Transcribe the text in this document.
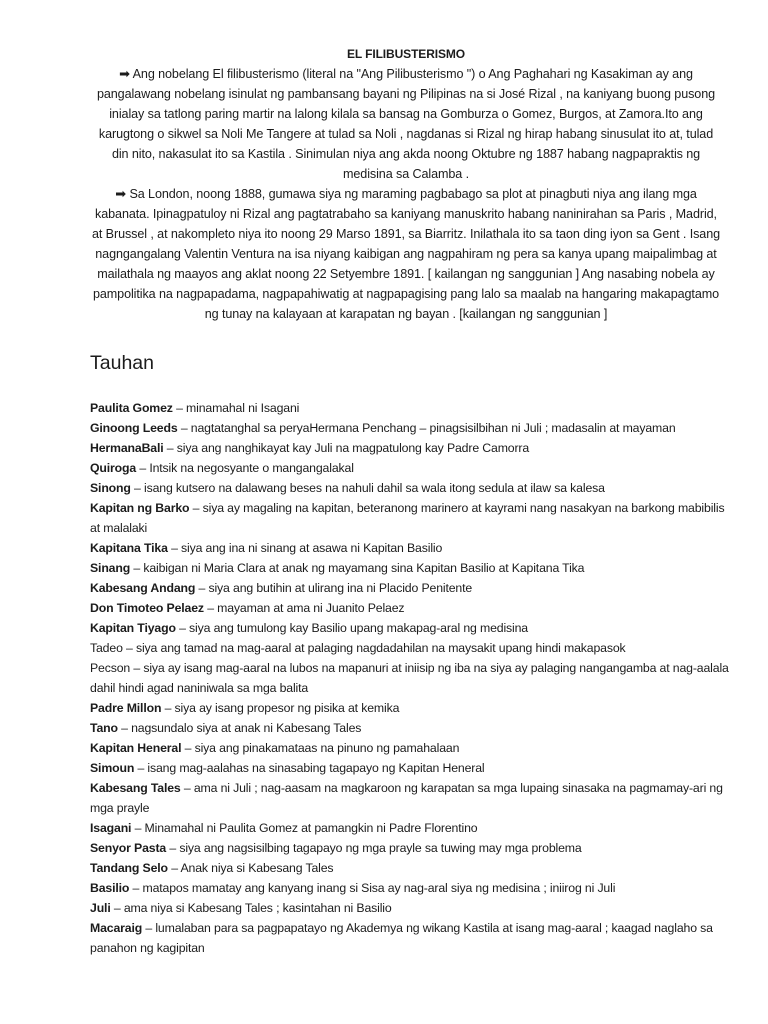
EL FILIBUSTERISMO

➡ Ang nobelang El filibusterismo (literal na "Ang Pilibusterismo ") o Ang Paghahari ng Kasakiman ay ang pangalawang nobelang isinulat ng pambansang bayani ng Pilipinas na si José Rizal , na kaniyang buong pusong inialay sa tatlong paring martir na lalong kilala sa bansag na Gomburza o Gomez, Burgos, at Zamora.Ito ang karugtong o sikwel sa Noli Me Tangere at tulad sa Noli , nagdanas si Rizal ng hirap habang sinusulat ito at, tulad din nito, nakasulat ito sa Kastila . Sinimulan niya ang akda noong Oktubre ng 1887 habang nagpapraktis ng medisina sa Calamba .

➡ Sa London, noong 1888, gumawa siya ng maraming pagbabago sa plot at pinagbuti niya ang ilang mga kabanata. Ipinagpatuloy ni Rizal ang pagtatrabaho sa kaniyang manuskrito habang naninirahan sa Paris , Madrid, at Brussel , at nakompleto niya ito noong 29 Marso 1891, sa Biarritz. Inilathala ito sa taon ding iyon sa Gent . Isang nagngangalang Valentin Ventura na isa niyang kaibigan ang nagpahiram ng pera sa kanya upang maipalimbag at mailathala ng maayos ang aklat noong 22 Setyembre 1891. [ kailangan ng sanggunian ] Ang nasabing nobela ay pampolitika na nagpapadama, nagpapahiwatig at nagpapagising pang lalo sa maalab na hangaring makapagtamo ng tunay na kalayaan at karapatan ng bayan . [kailangan ng sanggunian ]

Tauhan
Paulita Gomez – minamahal ni Isagani
Ginoong Leeds – nagtatanghal sa peryaHermana Penchang – pinagsisilbihan ni Juli ; madasalin at mayaman
HermanaBali – siya ang nanghikayat kay Juli na magpatulong kay Padre Camorra
Quiroga – Intsik na negosyante o mangangalakal
Sinong – isang kutsero na dalawang beses na nahuli dahil sa wala itong sedula at ilaw sa kalesa
Kapitan ng Barko – siya ay magaling na kapitan, beteranong marinero at kayrami nang nasakyan na barkong mabibilis at malalaki
Kapitana Tika – siya ang ina ni sinang at asawa ni Kapitan Basilio
Sinang – kaibigan ni Maria Clara at anak ng mayamang sina Kapitan Basilio at Kapitana Tika
Kabesang Andang – siya ang butihin at ulirang ina ni Placido Penitente
Don Timoteo Pelaez – mayaman at ama ni Juanito Pelaez
Kapitan Tiyago – siya ang tumulong kay Basilio upang makapag-aral ng medisina
Tadeo – siya ang tamad na mag-aaral at palaging nagdadahilan na maysakit upang hindi makapasok
Pecson – siya ay isang mag-aaral na lubos na mapanuri at iniisip ng iba na siya ay palaging nangangamba at nag-aalala dahil hindi agad naniniwala sa mga balita
Padre Millon – siya ay isang propesor ng pisika at kemika
Tano – nagsundalo siya at anak ni Kabesang Tales
Kapitan Heneral – siya ang pinakamataas na pinuno ng pamahalaan
Simoun – isang mag-aalahas na sinasabing tagapayo ng Kapitan Heneral
Kabesang Tales – ama ni Juli ; nag-aasam na magkaroon ng karapatan sa mga lupaing sinasaka na pagmamay-ari ng mga prayle
Isagani – Minamahal ni Paulita Gomez at pamangkin ni Padre Florentino
Senyor Pasta – siya ang nagsisilbing tagapayo ng mga prayle sa tuwing may mga problema
Tandang Selo – Anak niya si Kabesang Tales
Basilio – matapos mamatay ang kanyang inang si Sisa ay nag-aral siya ng medisina ; iniirog ni Juli
Juli – ama niya si Kabesang Tales ; kasintahan ni Basilio
Macaraig – lumalaban para sa pagpapatayo ng Akademya ng wikang Kastila at isang mag-aaral ; kaagad naglaho sa panahon ng kagipitan
